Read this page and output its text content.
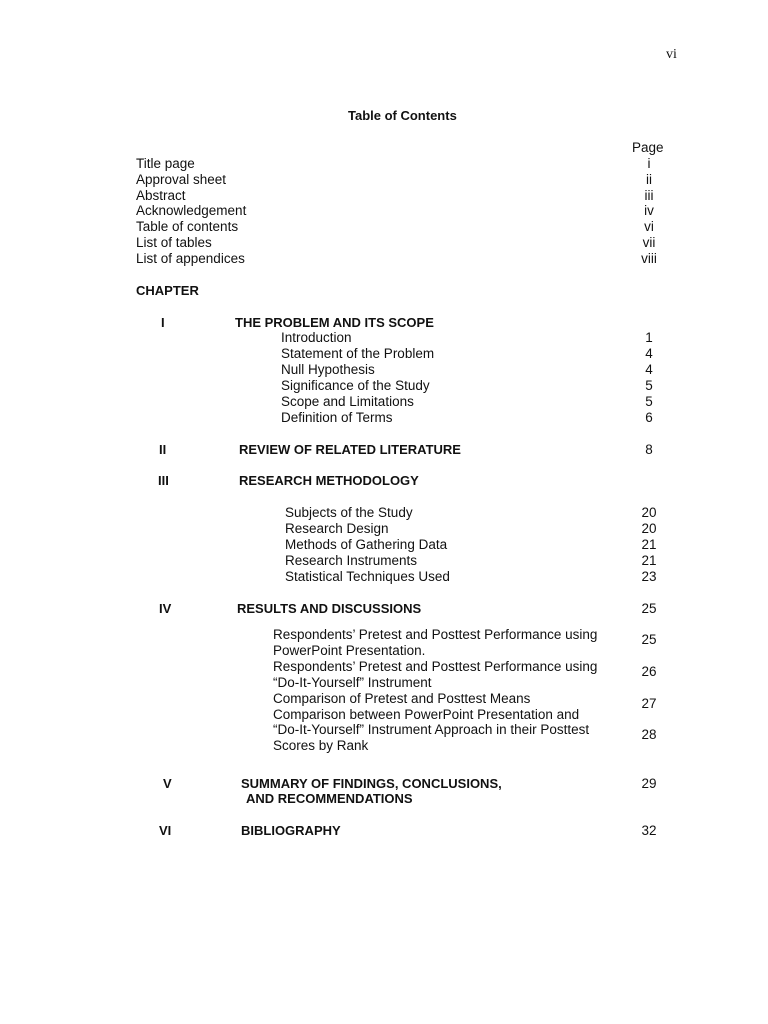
vi
Table of Contents
Page
Title page	i
Approval sheet	ii
Abstract	iii
Acknowledgement	iv
Table of contents	vi
List of tables	vii
List of appendices	viii
CHAPTER
I	THE PROBLEM AND ITS SCOPE
Introduction	1
Statement of the Problem	4
Null Hypothesis	4
Significance of the Study	5
Scope and Limitations	5
Definition of Terms	6
II	REVIEW OF RELATED LITERATURE	8
III	RESEARCH METHODOLOGY
Subjects of the Study	20
Research Design	20
Methods of Gathering Data	21
Research Instruments	21
Statistical Techniques Used	23
IV	RESULTS AND DISCUSSIONS	25
Respondents’ Pretest and Posttest Performance using
PowerPoint Presentation.
25
Respondents’ Pretest and Posttest Performance using
“Do-It-Yourself” Instrument
26
Comparison of Pretest and Posttest Means	27
Comparison between PowerPoint Presentation and
“Do-It-Yourself” Instrument Approach in their Posttest
Scores by Rank
28
V	SUMMARY OF FINDINGS, CONCLUSIONS,
AND RECOMMENDATIONS
29
VI	BIBLIOGRAPHY	32
